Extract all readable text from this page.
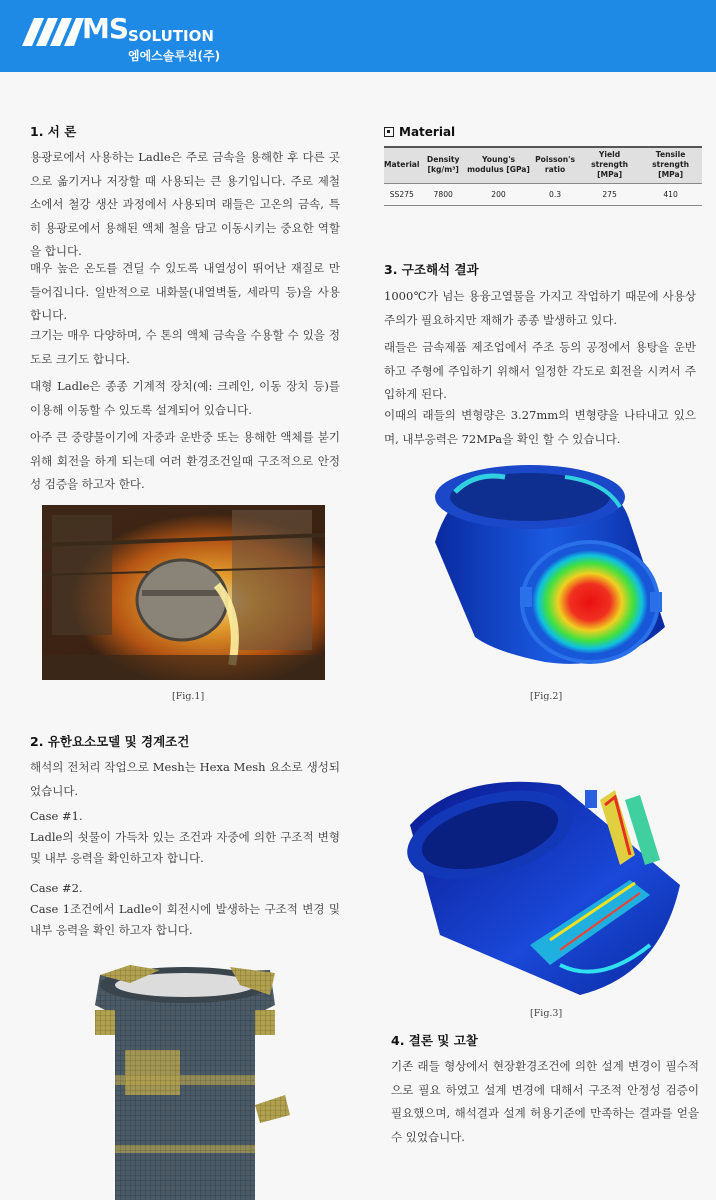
MS SOLUTION
엠에스솔루션(주)
1. 서 론
용광로에서 사용하는 Ladle은 주로 금속을 용해한 후 다른 곳으로 옮기거나 저장할 때 사용되는 큰 용기입니다. 주로 제철소에서 철강 생산 과정에서 사용되며 래들은 고온의 금속, 특히 용광로에서 용해된 액체 철을 담고 이동시키는 중요한 역할을 합니다.
매우 높은 온도를 견딜 수 있도록 내열성이 뛰어난 재질로 만들어집니다. 일반적으로 내화물(내열벽돌, 세라믹 등)을 사용합니다.
크기는 매우 다양하며, 수 톤의 액체 금속을 수용할 수 있을 정도로 크기도 합니다.
대형 Ladle은 종종 기계적 장치(예: 크레인, 이동 장치 등)를 이용해 이동할 수 있도록 설계되어 있습니다.
아주 큰 중량물이기에 자중과 운반중 또는 용해한 액체를 붇기 위해 회전을 하게 되는데 여러 환경조건일때 구조적으로 안정성 검증을 하고자 한다.
[Fig.1]
2. 유한요소모델 및 경계조건
해석의 전처리 작업으로 Mesh는 Hexa Mesh 요소로 생성되었습니다.
Case #1.
Ladle의 쇳물이 가득차 있는 조건과 자중에 의한 구조적 변형 및 내부 응력을 확인하고자 합니다.
Case #2.
Case 1조건에서 Ladle이 회전시에 발생하는 구조적 변경 및 내부 응력을 확인 하고자 합니다.
Material
Material	Density [kg/m³]	Young's modulus [GPa]	Poisson's ratio	Yield strength [MPa]	Tensile strength [MPa]
SS275	7800	200	0.3	275	410
3. 구조해석 결과
1000℃가 넘는 용융고열물을 가지고 작업하기 때문에 사용상 주의가 필요하지만 재해가 종종 발생하고 있다.
래들은 금속제품 제조업에서 주조 등의 공정에서 용탕을 운반하고 주형에 주입하기 위해서 일정한 각도로 회전을 시켜서 주입하게 된다.
이때의 래들의 변형량은 3.27mm의 변형량을 나타내고 있으며, 내부응력은 72MPa을 확인 할 수 있습니다.
[Fig.2]
[Fig.3]
4. 결론 및 고찰
기존 래들 형상에서 현장환경조건에 의한 설계 변경이 필수적으로 필요 하였고 설계 변경에 대해서 구조적 안정성 검증이 필요했으며, 해석결과 설계 허용기준에 만족하는 결과를 얻을 수 있었습니다.
